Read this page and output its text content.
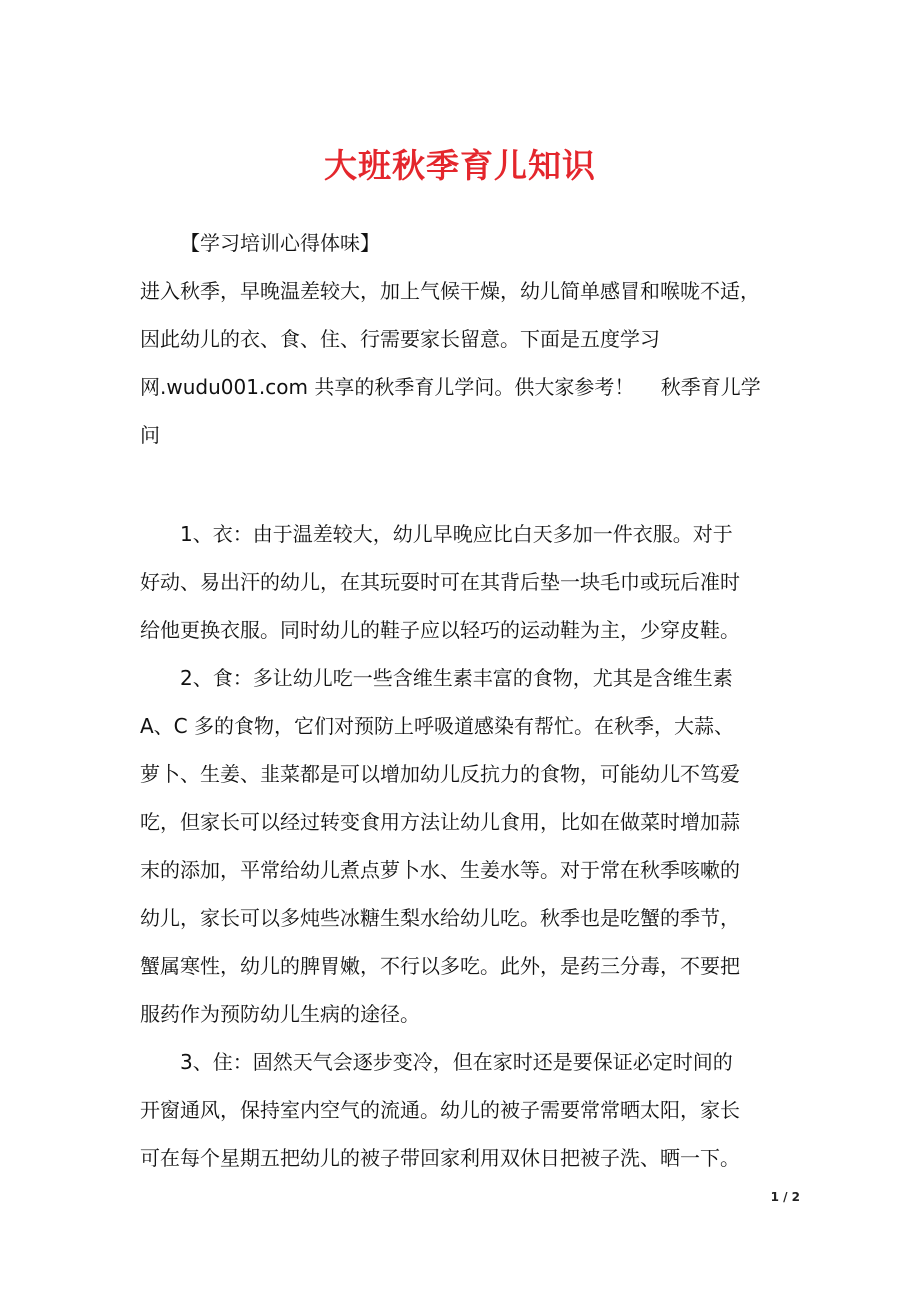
大班秋季育儿知识
【学习培训心得体味】
进入秋季，早晚温差较大，加上气候干燥，幼儿简单感冒和喉咙不适，
因此幼儿的衣、食、住、行需要家长留意。下面是五度学习
网.wudu001.com 共享的秋季育儿学问。供大家参考！　 秋季育儿学
问
1、衣：由于温差较大，幼儿早晚应比白天多加一件衣服。对于
好动、易出汗的幼儿，在其玩耍时可在其背后垫一块毛巾或玩后准时
给他更换衣服。同时幼儿的鞋子应以轻巧的运动鞋为主，少穿皮鞋。
2、食：多让幼儿吃一些含维生素丰富的食物，尤其是含维生素
A、C 多的食物，它们对预防上呼吸道感染有帮忙。在秋季，大蒜、
萝卜、生姜、韭菜都是可以增加幼儿反抗力的食物，可能幼儿不笃爱
吃，但家长可以经过转变食用方法让幼儿食用，比如在做菜时增加蒜
末的添加，平常给幼儿煮点萝卜水、生姜水等。对于常在秋季咳嗽的
幼儿，家长可以多炖些冰糖生梨水给幼儿吃。秋季也是吃蟹的季节，
蟹属寒性，幼儿的脾胃嫩，不行以多吃。此外，是药三分毒，不要把
服药作为预防幼儿生病的途径。
3、住：固然天气会逐步变冷，但在家时还是要保证必定时间的
开窗通风，保持室内空气的流通。幼儿的被子需要常常晒太阳，家长
可在每个星期五把幼儿的被子带回家利用双休日把被子洗、晒一下。
1 / 2
